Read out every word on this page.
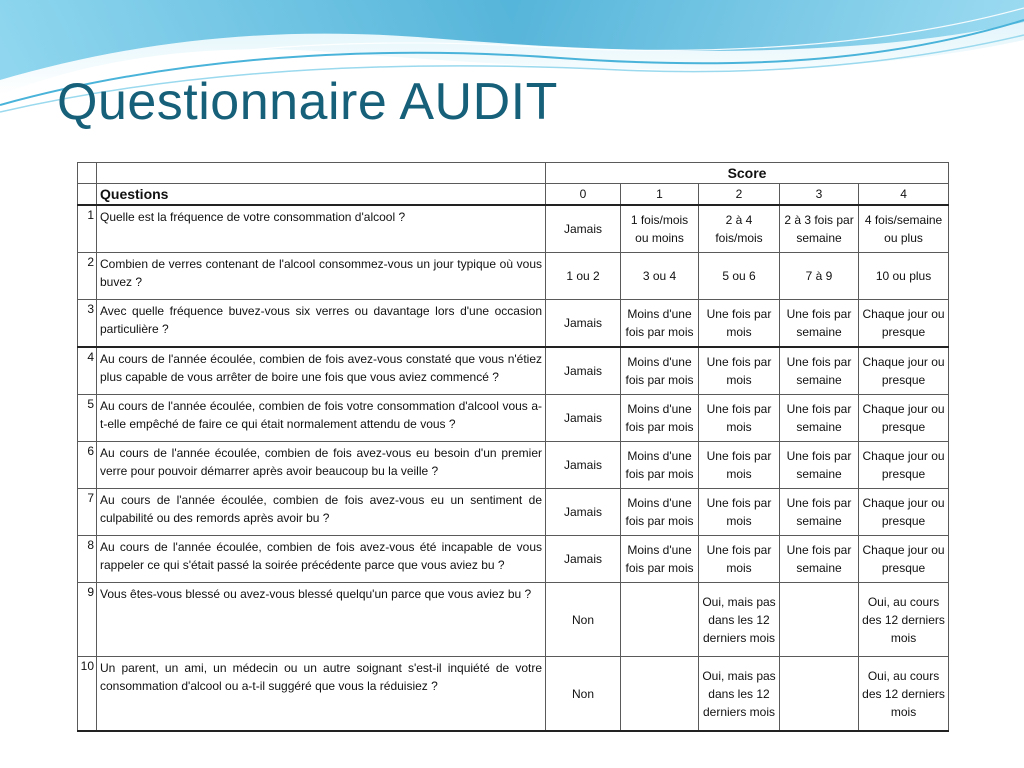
Questionnaire AUDIT
		Score				
	Questions	0	1	2	3	4
1	Quelle est la fréquence de votre consommation d'alcool ?	Jamais	1 fois/mois ou moins	2 à 4 fois/mois	2 à 3 fois par semaine	4 fois/semaine ou plus
2	Combien de verres contenant de l'alcool consommez-vous un jour typique où vous buvez ?	1 ou 2	3 ou 4	5 ou 6	7 à 9	10 ou plus
3	Avec quelle fréquence buvez-vous six verres ou davantage lors d'une occasion particulière ?	Jamais	Moins d'une fois par mois	Une fois par mois	Une fois par semaine	Chaque jour ou presque
4	Au cours de l'année écoulée, combien de fois avez-vous constaté que vous n'étiez plus capable de vous arrêter de boire une fois que vous aviez commencé ?	Jamais	Moins d'une fois par mois	Une fois par mois	Une fois par semaine	Chaque jour ou presque
5	Au cours de l'année écoulée, combien de fois votre consommation d'alcool vous a-t-elle empêché de faire ce qui était normalement attendu de vous ?	Jamais	Moins d'une fois par mois	Une fois par mois	Une fois par semaine	Chaque jour ou presque
6	Au cours de l'année écoulée, combien de fois avez-vous eu besoin d'un premier verre pour pouvoir démarrer après avoir beaucoup bu la veille ?	Jamais	Moins d'une fois par mois	Une fois par mois	Une fois par semaine	Chaque jour ou presque
7	Au cours de l'année écoulée, combien de fois avez-vous eu un sentiment de culpabilité ou des remords après avoir bu ?	Jamais	Moins d'une fois par mois	Une fois par mois	Une fois par semaine	Chaque jour ou presque
8	Au cours de l'année écoulée, combien de fois avez-vous été incapable de vous rappeler ce qui s'était passé la soirée précédente parce que vous aviez bu ?	Jamais	Moins d'une fois par mois	Une fois par mois	Une fois par semaine	Chaque jour ou presque
9	Vous êtes-vous blessé ou avez-vous blessé quelqu'un parce que vous aviez bu ?	Non		Oui, mais pas dans les 12 derniers mois		Oui, au cours des 12 derniers mois
10	Un parent, un ami, un médecin ou un autre soignant s'est-il inquiété de votre consommation d'alcool ou a-t-il suggéré que vous la réduisiez ?	Non		Oui, mais pas dans les 12 derniers mois		Oui, au cours des 12 derniers mois
